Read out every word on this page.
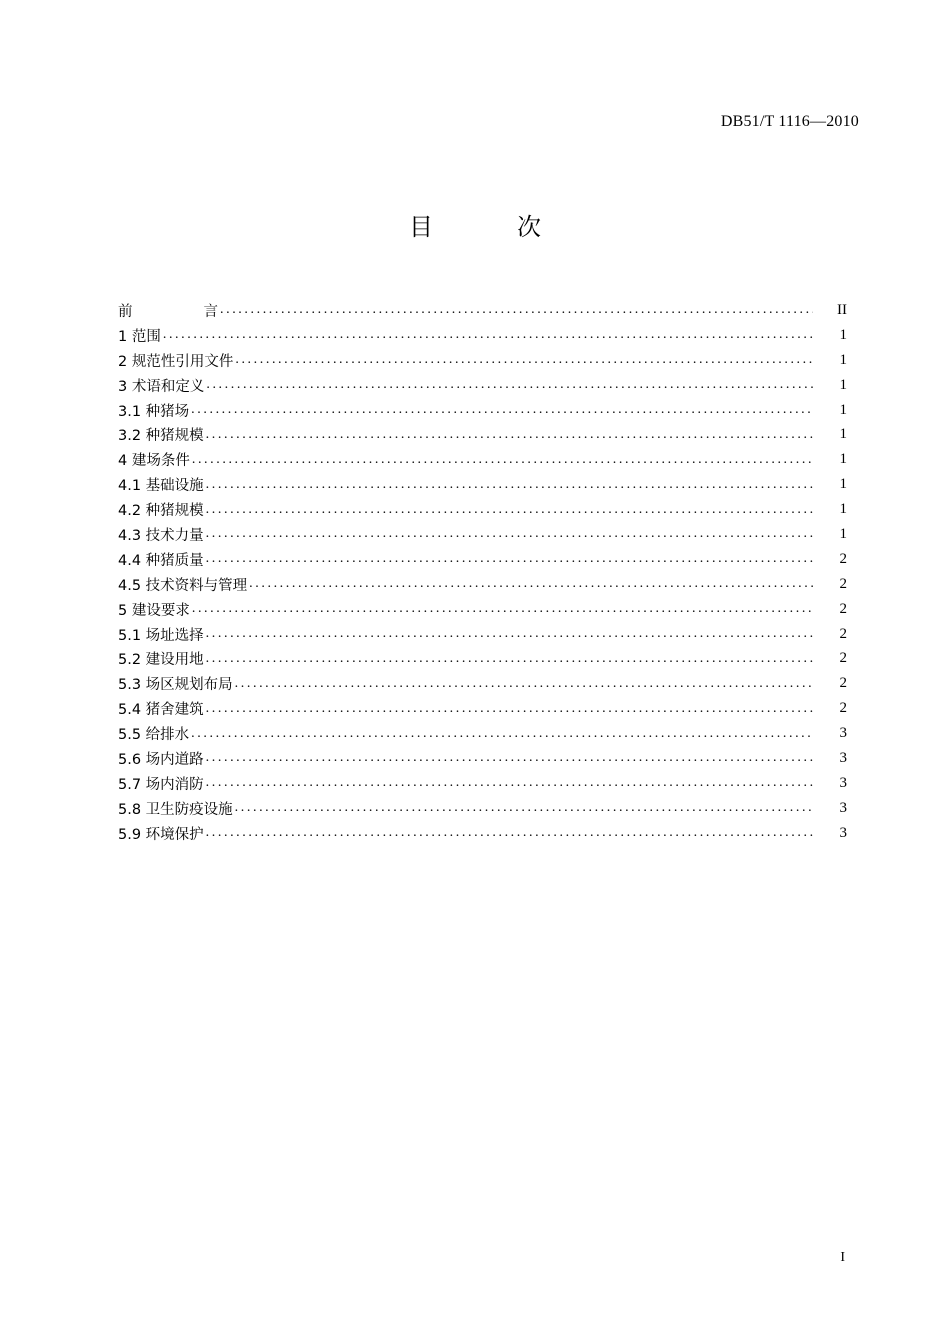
DB51/T 1116—2010
目	次
前	言 .....	II
1 范围 .....	1
2 规范性引用文件 .....	1
3 术语和定义 .....	1
3.1 种猪场 .....	1
3.2 种猪规模 .....	1
4 建场条件 .....	1
4.1 基础设施 .....	1
4.2 种猪规模 .....	1
4.3 技术力量 .....	1
4.4 种猪质量 .....	2
4.5 技术资料与管理 .....	2
5 建设要求 .....	2
5.1 场址选择 .....	2
5.2 建设用地 .....	2
5.3 场区规划布局 .....	2
5.4 猪舍建筑 .....	2
5.5 给排水 .....	3
5.6 场内道路 .....	3
5.7 场内消防 .....	3
5.8 卫生防疫设施 .....	3
5.9 环境保护 .....	3
I
